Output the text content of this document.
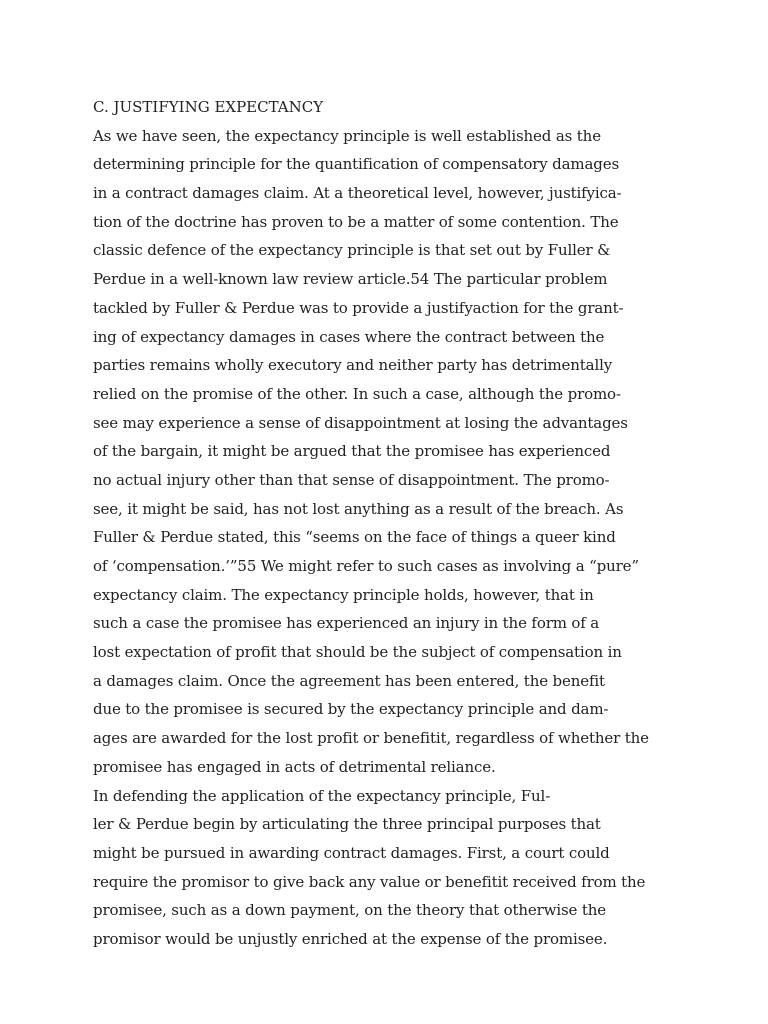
C. JUSTIFYING EXPECTANCY
As we have seen, the expectancy principle is well established as the
determining principle for the quantification of compensatory damages
in a contract damages claim. At a theoretical level, however, justifyica-
tion of the doctrine has proven to be a matter of some contention. The
classic defence of the expectancy principle is that set out by Fuller &
Perdue in a well-known law review article.54 The particular problem
tackled by Fuller & Perdue was to provide a justifyaction for the grant-
ing of expectancy damages in cases where the contract between the
parties remains wholly executory and neither party has detrimentally
relied on the promise of the other. In such a case, although the promo-
see may experience a sense of disappointment at losing the advantages
of the bargain, it might be argued that the promisee has experienced
no actual injury other than that sense of disappointment. The promo-
see, it might be said, has not lost anything as a result of the breach. As
Fuller & Perdue stated, this “seems on the face of things a queer kind
of ‘compensation.’”55 We might refer to such cases as involving a “pure”
expectancy claim. The expectancy principle holds, however, that in
such a case the promisee has experienced an injury in the form of a
lost expectation of profit that should be the subject of compensation in
a damages claim. Once the agreement has been entered, the benefit
due to the promisee is secured by the expectancy principle and dam-
ages are awarded for the lost profit or benefitit, regardless of whether the
promisee has engaged in acts of detrimental reliance.
In defending the application of the expectancy principle, Ful-
ler & Perdue begin by articulating the three principal purposes that
might be pursued in awarding contract damages. First, a court could
require the promisor to give back any value or benefitit received from the
promisee, such as a down payment, on the theory that otherwise the
promisor would be unjustly enriched at the expense of the promisee.
